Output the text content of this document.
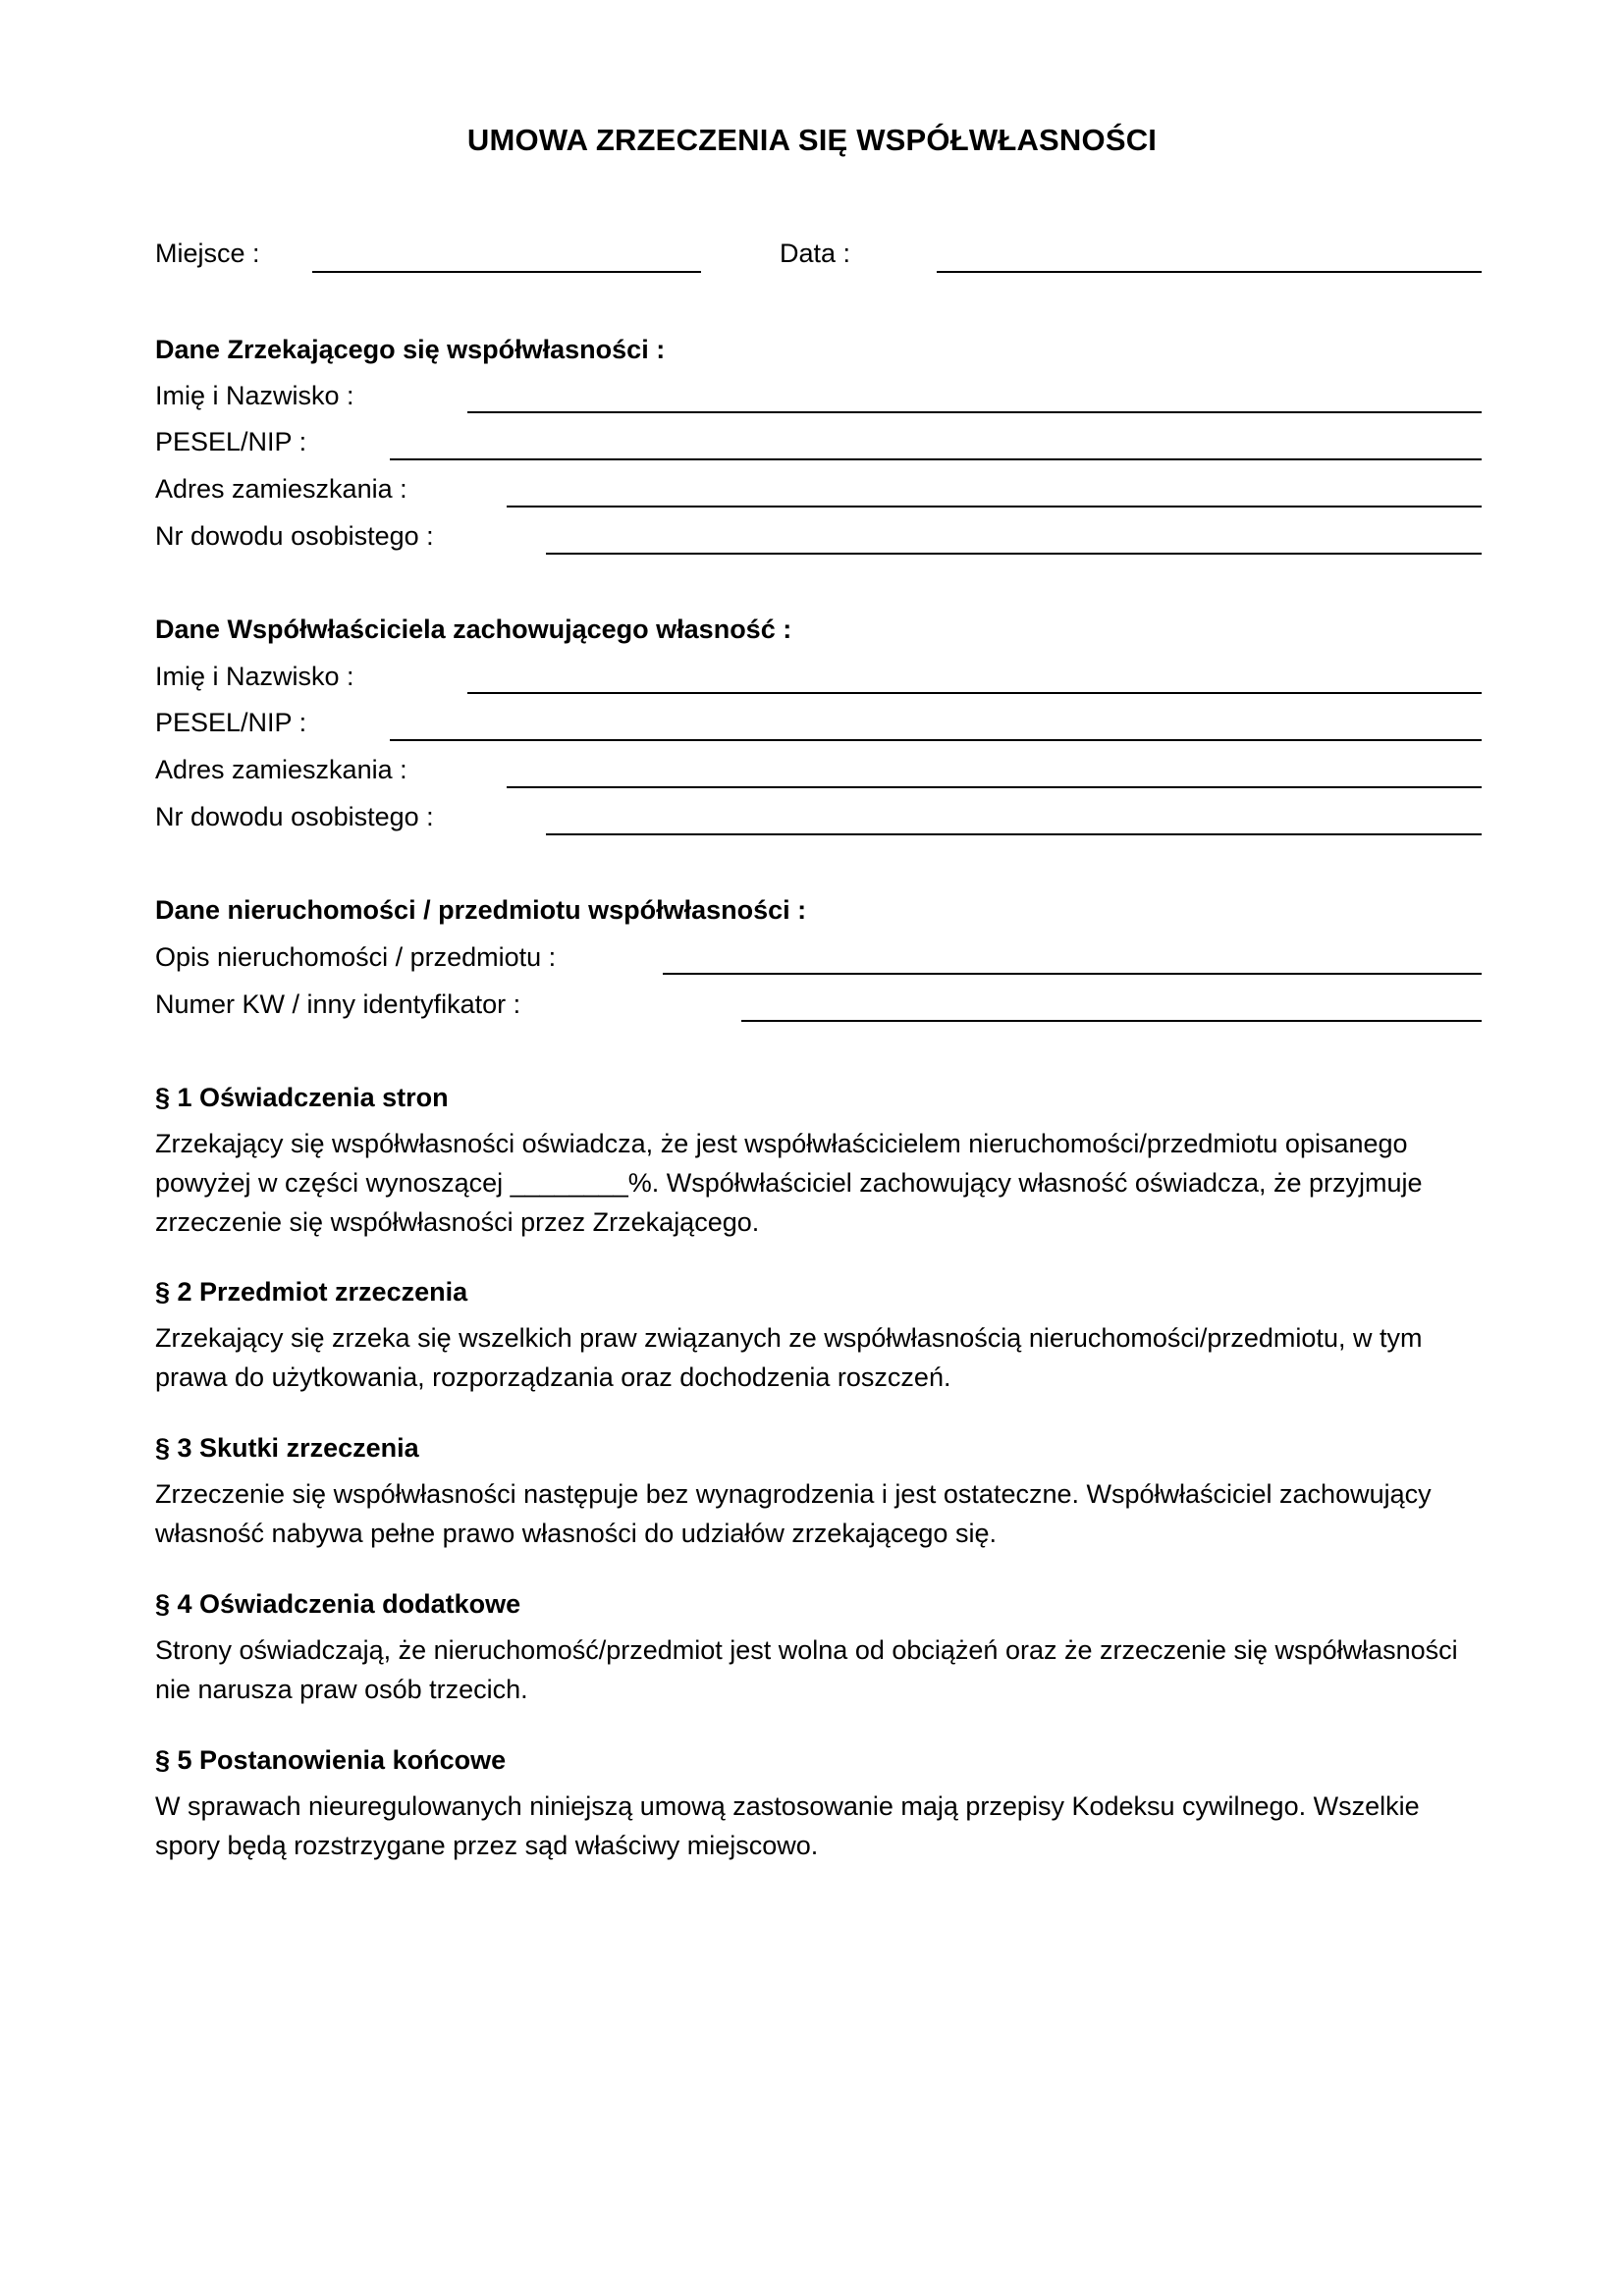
UMOWA ZRZECZENIA SIĘ WSPÓŁWŁASNOŚCI
Miejsce :	Data :
Dane Zrzekającego się współwłasności :
Imię i Nazwisko :
PESEL/NIP :
Adres zamieszkania :
Nr dowodu osobistego :
Dane Współwłaściciela zachowującego własność :
Imię i Nazwisko :
PESEL/NIP :
Adres zamieszkania :
Nr dowodu osobistego :
Dane nieruchomości / przedmiotu współwłasności :
Opis nieruchomości / przedmiotu :
Numer KW / inny identyfikator :
§ 1 Oświadczenia stron

Zrzekający się współwłasności oświadcza, że jest współwłaścicielem nieruchomości/przedmiotu opisanego powyżej w części wynoszącej ________%. Współwłaściciel zachowujący własność oświadcza, że przyjmuje zrzeczenie się współwłasności przez Zrzekającego.

§ 2 Przedmiot zrzeczenia

Zrzekający się zrzeka się wszelkich praw związanych ze współwłasnością nieruchomości/przedmiotu, w tym prawa do użytkowania, rozporządzania oraz dochodzenia roszczeń.

§ 3 Skutki zrzeczenia

Zrzeczenie się współwłasności następuje bez wynagrodzenia i jest ostateczne. Współwłaściciel zachowujący własność nabywa pełne prawo własności do udziałów zrzekającego się.

§ 4 Oświadczenia dodatkowe

Strony oświadczają, że nieruchomość/przedmiot jest wolna od obciążeń oraz że zrzeczenie się współwłasności nie narusza praw osób trzecich.

§ 5 Postanowienia końcowe

W sprawach nieuregulowanych niniejszą umową zastosowanie mają przepisy Kodeksu cywilnego. Wszelkie spory będą rozstrzygane przez sąd właściwy miejscowo.
